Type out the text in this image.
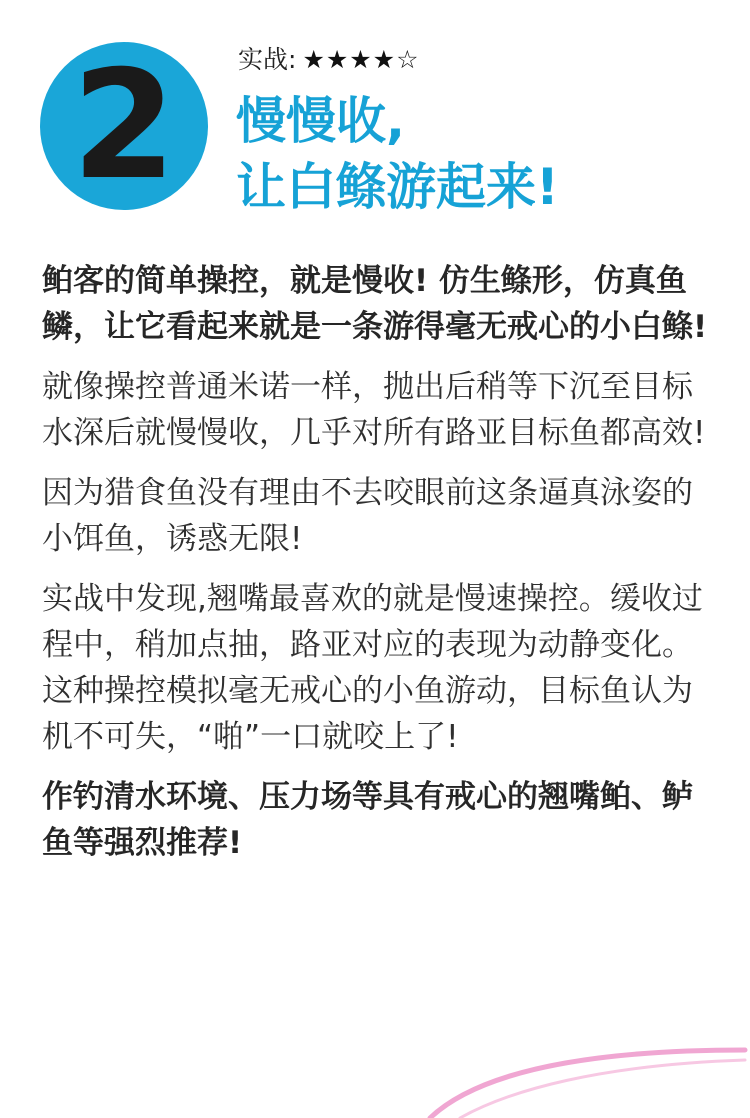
2	实战: ★★★★☆
慢慢收,
让白鲦游起来!

鲌客的简单操控，就是慢收! 仿生鲦形，仿真鱼鳞，让它看起来就是一条游得毫无戒心的小白鲦!

就像操控普通米诺一样，抛出后稍等下沉至目标水深后就慢慢收，几乎对所有路亚目标鱼都高效!

因为猎食鱼没有理由不去咬眼前这条逼真泳姿的小饵鱼，诱惑无限!

实战中发现,翘嘴最喜欢的就是慢速操控。缓收过程中，稍加点抽，路亚对应的表现为动静变化。这种操控模拟毫无戒心的小鱼游动，目标鱼认为机不可失，“啪”一口就咬上了!

作钓清水环境、压力场等具有戒心的翘嘴鲌、鲈鱼等强烈推荐!
